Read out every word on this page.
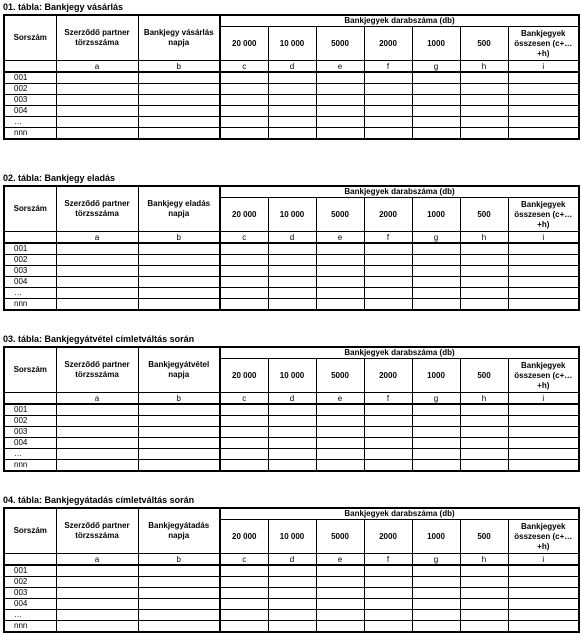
01. tábla: Bankjegy vásárlás
Sorszám	Szerződő partner törzsszáma	Bankjegy vásárlás napja	Bankjegyek darabszáma (db)						
			20 000	10 000	5000	2000	1000	500	Bankjegyek összesen (c+…+h)
	a	b	c	d	e	f	g	h	i
001									
002									
003									
004									
…									
nnn									
02. tábla: Bankjegy eladás
Sorszám	Szerződő partner törzsszáma	Bankjegy eladás napja	Bankjegyek darabszáma (db)						
			20 000	10 000	5000	2000	1000	500	Bankjegyek összesen (c+…+h)
	a	b	c	d	e	f	g	h	i
001									
002									
003									
004									
…									
nnn									
03. tábla: Bankjegyátvétel címletváltás során
Sorszám	Szerződő partner törzsszáma	Bankjegyátvétel napja	Bankjegyek darabszáma (db)						
			20 000	10 000	5000	2000	1000	500	Bankjegyek összesen (c+…+h)
	a	b	c	d	e	f	g	h	i
001									
002									
003									
004									
…									
nnn									
04. tábla: Bankjegyátadás címletváltás során
Sorszám	Szerződő partner törzsszáma	Bankjegyátadás napja	Bankjegyek darabszáma (db)						
			20 000	10 000	5000	2000	1000	500	Bankjegyek összesen (c+…+h)
	a	b	c	d	e	f	g	h	i
001									
002									
003									
004									
…									
nnn									
